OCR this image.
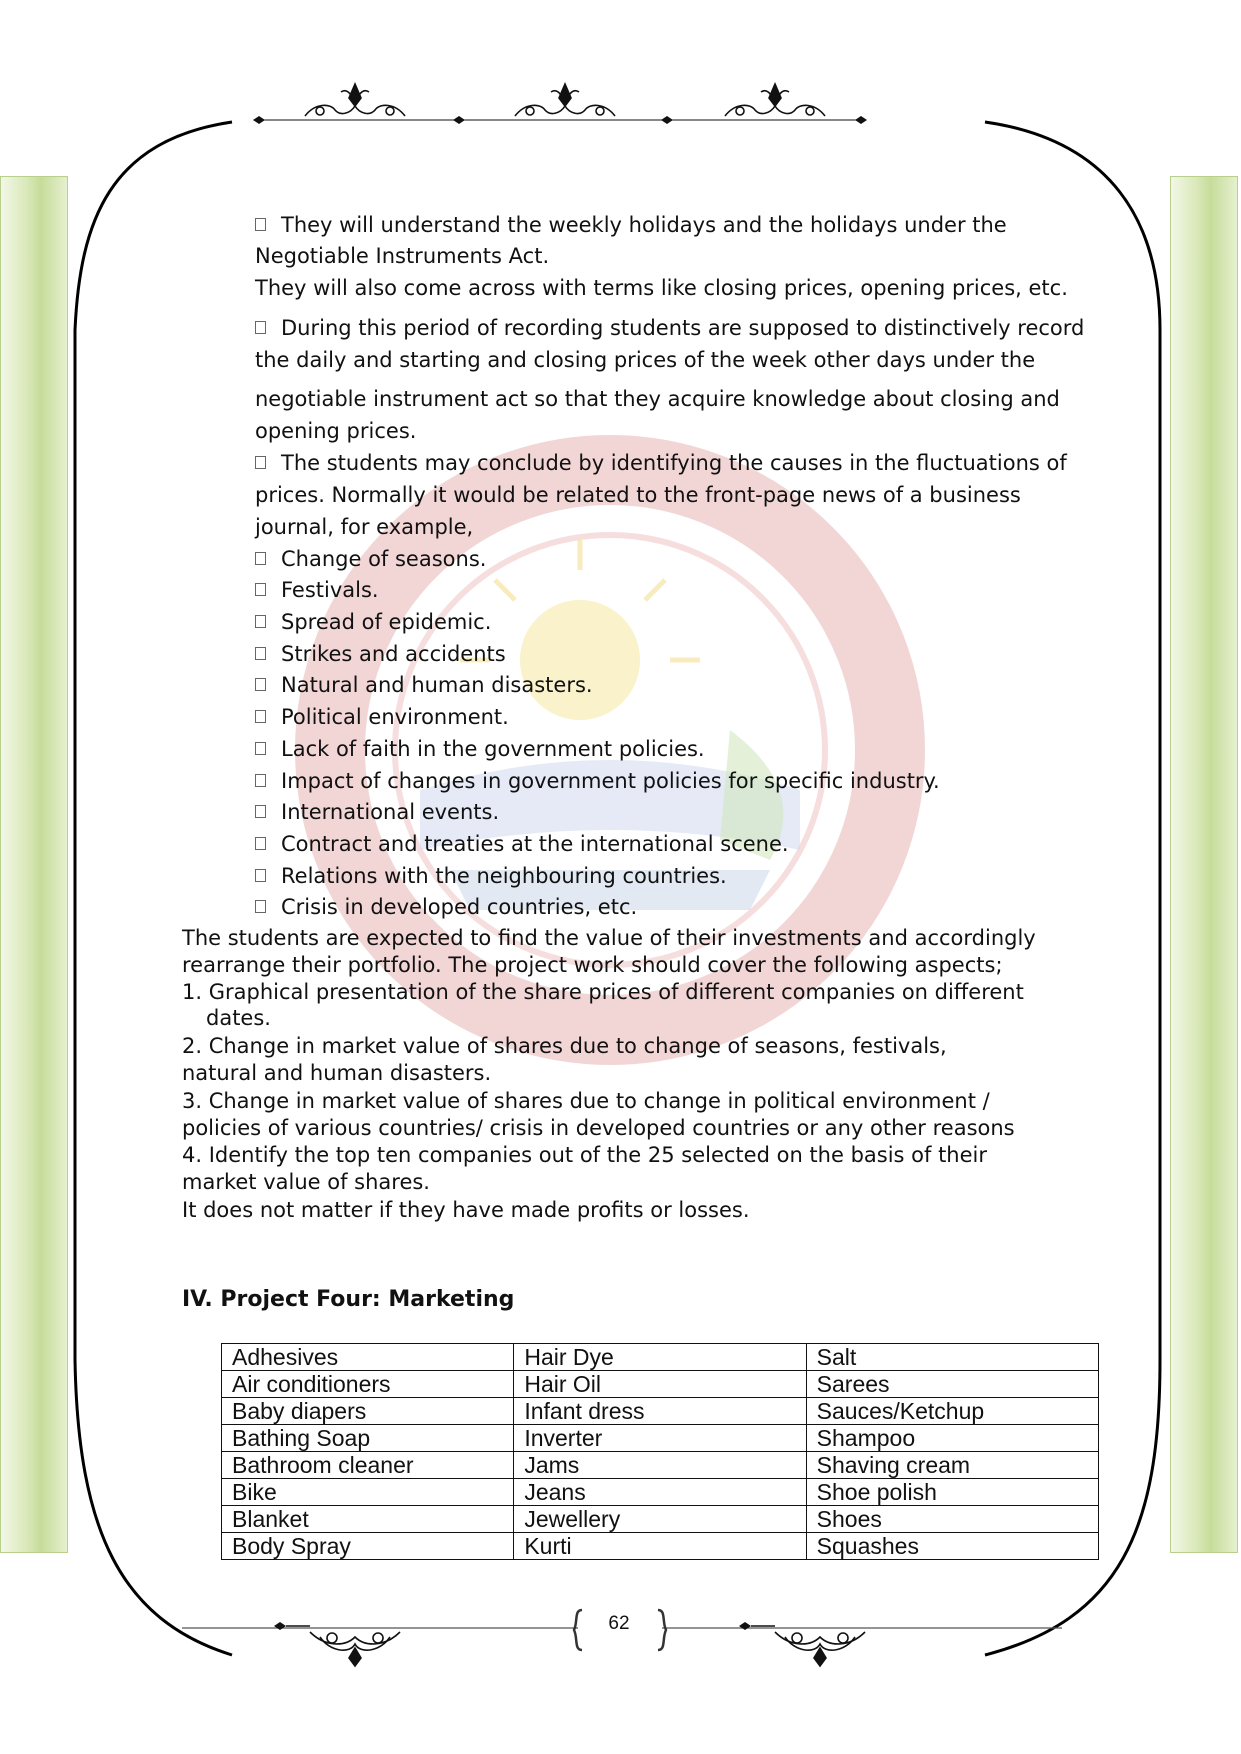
They will understand the weekly holidays and the holidays under the
Negotiable Instruments Act.
They will also come across with terms like closing prices, opening prices, etc.
During this period of recording students are supposed to distinctively record
the daily and starting and closing prices of the week other days under the
negotiable instrument act so that they acquire knowledge about closing and
opening prices.
The students may conclude by identifying the causes in the fluctuations of
prices. Normally it would be related to the front-page news of a business
journal, for example,
Change of seasons.
Festivals.
Spread of epidemic.
Strikes and accidents
Natural and human disasters.
Political environment.
Lack of faith in the government policies.
Impact of changes in government policies for specific industry.
International events.
Contract and treaties at the international scene.
Relations with the neighbouring countries.
Crisis in developed countries, etc.
The students are expected to find the value of their investments and accordingly
rearrange their portfolio. The project work should cover the following aspects;
1. Graphical presentation of the share prices of different companies on different
dates.
2. Change in market value of shares due to change of seasons, festivals,
natural and human disasters.
3. Change in market value of shares due to change in political environment /
policies of various countries/ crisis in developed countries or any other reasons
4. Identify the top ten companies out of the 25 selected on the basis of their
market value of shares.
It does not matter if they have made profits or losses.
IV. Project Four: Marketing
Adhesives	Hair Dye	Salt
Air conditioners	Hair Oil	Sarees
Baby diapers	Infant dress	Sauces/Ketchup
Bathing Soap	Inverter	Shampoo
Bathroom cleaner	Jams	Shaving cream
Bike	Jeans	Shoe polish
Blanket	Jewellery	Shoes
Body Spray	Kurti	Squashes
62
